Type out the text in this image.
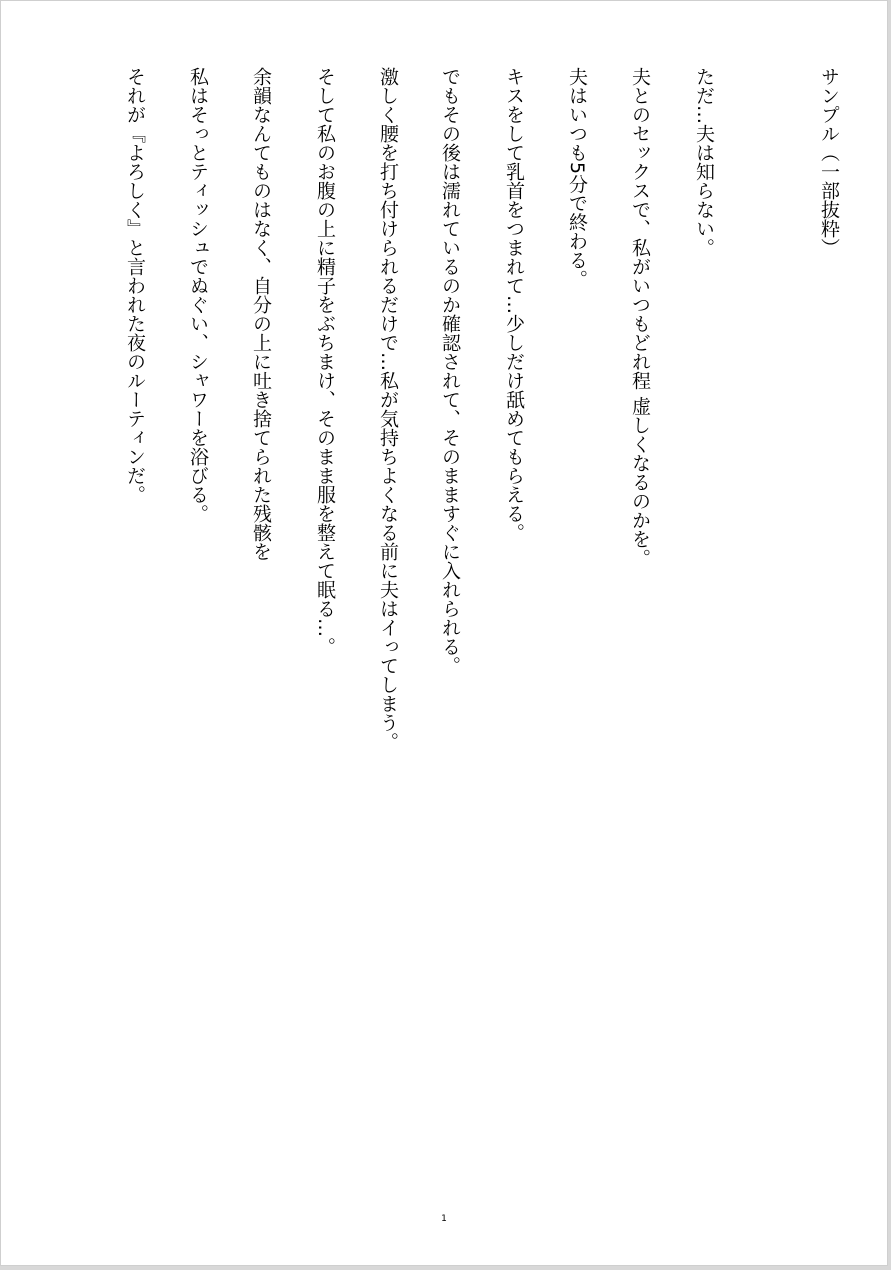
サンプル（一部抜粋）
ただ…夫は知らない。
夫とのセックスで、私がいつもどれ程 虚しくなるのかを。
夫はいつも5分で終わる。
キスをして乳首をつまれて…少しだけ舐めてもらえる。
でもその後は濡れているのか確認されて、そのまますぐに入れられる。
激しく腰を打ち付けられるだけで…私が気持ちよくなる前に夫はイってしまう。
そして私のお腹の上に精子をぶちまけ、そのまま服を整えて眠る…。
余韻なんてものはなく、自分の上に吐き捨てられた残骸を
私はそっとティッシュでぬぐい、シャワーを浴びる。
それが『よろしく』と言われた夜のルーティンだ。
1
